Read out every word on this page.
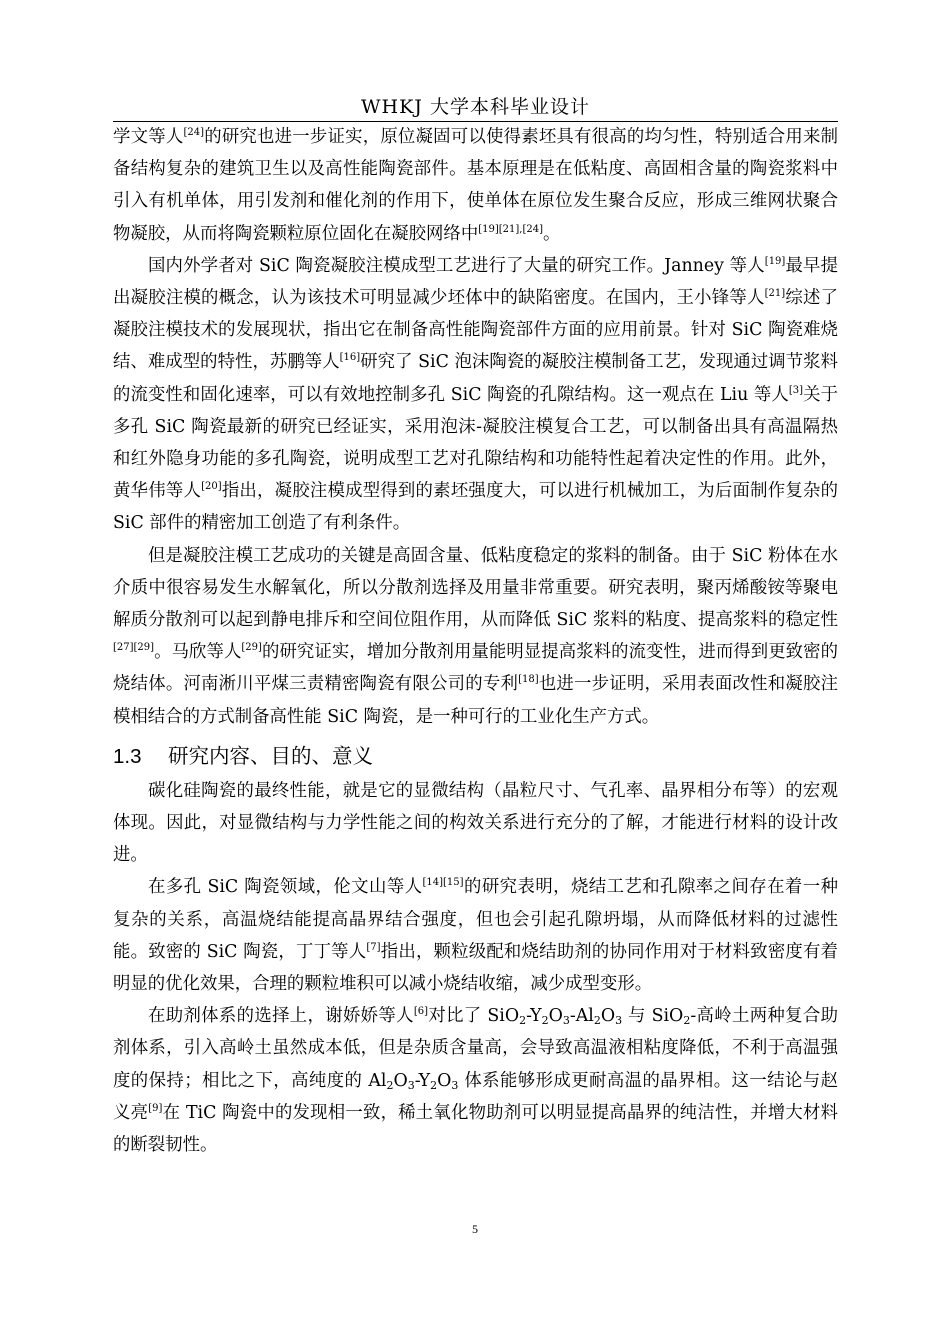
WHKJ 大学本科毕业设计

学文等人[24]的研究也进一步证实，原位凝固可以使得素坯具有很高的均匀性，特别适合用来制备结构复杂的建筑卫生以及高性能陶瓷部件。基本原理是在低粘度、高固相含量的陶瓷浆料中引入有机单体，用引发剂和催化剂的作用下，使单体在原位发生聚合反应，形成三维网状聚合物凝胶，从而将陶瓷颗粒原位固化在凝胶网络中[19][21],[24]。

国内外学者对 SiC 陶瓷凝胶注模成型工艺进行了大量的研究工作。Janney 等人[19]最早提出凝胶注模的概念，认为该技术可明显减少坯体中的缺陷密度。在国内，王小锋等人[21]综述了凝胶注模技术的发展现状，指出它在制备高性能陶瓷部件方面的应用前景。针对 SiC 陶瓷难烧结、难成型的特性，苏鹏等人[16]研究了 SiC 泡沫陶瓷的凝胶注模制备工艺，发现通过调节浆料的流变性和固化速率，可以有效地控制多孔 SiC 陶瓷的孔隙结构。这一观点在 Liu 等人[3]关于多孔 SiC 陶瓷最新的研究已经证实，采用泡沫-凝胶注模复合工艺，可以制备出具有高温隔热和红外隐身功能的多孔陶瓷，说明成型工艺对孔隙结构和功能特性起着决定性的作用。此外，黄华伟等人[20]指出，凝胶注模成型得到的素坯强度大，可以进行机械加工，为后面制作复杂的 SiC 部件的精密加工创造了有利条件。

但是凝胶注模工艺成功的关键是高固含量、低粘度稳定的浆料的制备。由于 SiC 粉体在水介质中很容易发生水解氧化，所以分散剂选择及用量非常重要。研究表明，聚丙烯酸铵等聚电解质分散剂可以起到静电排斥和空间位阻作用，从而降低 SiC 浆料的粘度、提高浆料的稳定性[27][29]。马欣等人[29]的研究证实，增加分散剂用量能明显提高浆料的流变性，进而得到更致密的烧结体。河南淅川平煤三责精密陶瓷有限公司的专利[18]也进一步证明，采用表面改性和凝胶注模相结合的方式制备高性能 SiC 陶瓷，是一种可行的工业化生产方式。

1.3 研究内容、目的、意义

碳化硅陶瓷的最终性能，就是它的显微结构（晶粒尺寸、气孔率、晶界相分布等）的宏观体现。因此，对显微结构与力学性能之间的构效关系进行充分的了解，才能进行材料的设计改进。

在多孔 SiC 陶瓷领域，伦文山等人[14][15]的研究表明，烧结工艺和孔隙率之间存在着一种复杂的关系，高温烧结能提高晶界结合强度，但也会引起孔隙坍塌，从而降低材料的过滤性能。致密的 SiC 陶瓷，丁丁等人[7]指出，颗粒级配和烧结助剂的协同作用对于材料致密度有着明显的优化效果，合理的颗粒堆积可以减小烧结收缩，减少成型变形。

在助剂体系的选择上，谢娇娇等人[6]对比了 $SiO_2-Y_2O_3-Al_2O_3$ 与 SiO$_2$-高岭土两种复合助剂体系，引入高岭土虽然成本低，但是杂质含量高，会导致高温液相粘度降低，不利于高温强度的保持；相比之下，高纯度的 $Al_2O_3-Y_2O_3$ 体系能够形成更耐高温的晶界相。这一结论与赵义亮[9]在 TiC 陶瓷中的发现相一致，稀土氧化物助剂可以明显提高晶界的纯洁性，并增大材料的断裂韧性。

5
